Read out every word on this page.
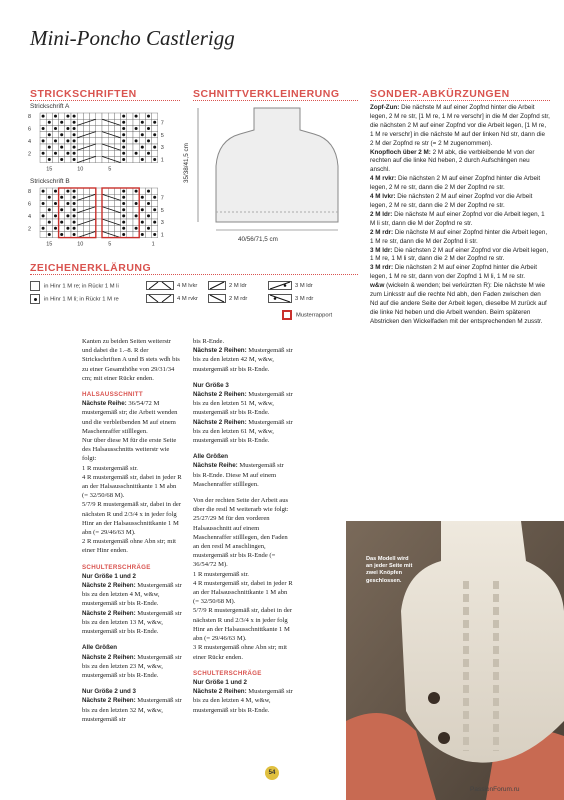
Mini-Poncho Castlerigg
STRICKSCHRIFTEN
Strickschrift A
8
6
4
2
7
5
3
1
15	10	5
Strickschrift B
8
6
4
2
7
5
3
1
15	10	5	1
SCHNITTVERKLEINERUNG
35/38/41,5 cm
40/56/71,5 cm
ZEICHENERKLÄRUNG
in Hinr 1 M re; in Rückr 1 M li
in Hinr 1 M li; in Rückr 1 M re
4 M lvkr
4 M rvkr
2 M ldr
2 M rdr
3 M ldr
3 M rdr
Musterrapport
SONDER-ABKÜRZUNGEN

Zopf-Zun: Die nächste M auf einer Zopfnd hinter die Arbeit legen, 2 M re str, [1 M re, 1 M re verschr] in die M der Zopfnd str, die nächsten 2 M auf einer Zopfnd vor die Arbeit legen, [1 M re, 1 M re verschr] in die nächste M auf der linken Nd str, dann die 2 M der Zopfnd re str (= 2 M zugenommen).

Knopfloch über 2 M: 2 M abk, die verbleibende M von der rechten auf die linke Nd heben, 2 durch Aufschlingen neu anschl.

4 M rvkr: Die nächsten 2 M auf einer Zopfnd hinter die Arbeit legen, 2 M re str, dann die 2 M der Zopfnd re str.

4 M lvkr: Die nächsten 2 M auf einer Zopfnd vor die Arbeit legen, 2 M re str, dann die 2 M der Zopfnd re str.

2 M ldr: Die nächste M auf einer Zopfnd vor die Arbeit legen, 1 M li str, dann die M der Zopfnd re str.

2 M rdr: Die nächste M auf einer Zopfnd hinter die Arbeit legen, 1 M re str, dann die M der Zopfnd li str.

3 M ldr: Die nächsten 2 M auf einer Zopfnd vor die Arbeit legen, 1 M re, 1 M li str, dann die 2 M der Zopfnd re str.

3 M rdr: Die nächsten 2 M auf einer Zopfnd hinter die Arbeit legen, 1 M re str, dann von der Zopfnd 1 M li, 1 M re str.

w&w (wickeln & wenden; bei verkürzten R): Die nächste M wie zum Linksstr auf die rechte Nd abh, den Faden zwischen den Nd auf die andere Seite der Arbeit legen, dieselbe M zurück auf die linke Nd heben und die Arbeit wenden. Beim späteren Abstricken den Wickelfaden mit der entsprechenden M zusstr.

Kanten zu beiden Seiten weiterstr und dabei die 1.–8. R der Strickschriften A und B stets wdh bis zu einer Gesamthöhe von 29/31/34 cm; mit einer Rückr enden.

HALSAUSSCHNITT

Nächste Reihe: 36/54/72 M mustergemäß str; die Arbeit wenden und die verbleibenden M auf einem Maschenraffer stilllegen.

Nur über diese M für die erste Seite des Halsausschnitts weiterstr wie folgt:

1 R mustergemäß str.

4 R mustergemäß str, dabei in jeder R an der Halsausschnittkante 1 M abn (= 32/50/68 M).

5/7/9 R mustergemäß str, dabei in der nächsten R und 2/3/4 x in jeder folg Hinr an der Halsausschnittkante 1 M abn (= 29/46/63 M).

2 R mustergemäß ohne Abn str; mit einer Hinr enden.

SCHULTERSCHRÄGE

Nur Größe 1 und 2

Nächste 2 Reihen: Mustergemäß str bis zu den letzten 4 M, w&w, mustergemäß str bis R-Ende.

Nächste 2 Reihen: Mustergemäß str bis zu den letzten 13 M, w&w, mustergemäß str bis R-Ende.

Alle Größen

Nächste 2 Reihen: Mustergemäß str bis zu den letzten 23 M, w&w, mustergemäß str bis R-Ende.

Nur Größe 2 und 3

Nächste 2 Reihen: Mustergemäß str bis zu den letzten 32 M, w&w, mustergemäß str

bis R-Ende.

Nächste 2 Reihen: Mustergemäß str bis zu den letzten 42 M, w&w, mustergemäß str bis R-Ende.

Nur Größe 3

Nächste 2 Reihen: Mustergemäß str bis zu den letzten 51 M, w&w, mustergemäß str bis R-Ende.

Nächste 2 Reihen: Mustergemäß str bis zu den letzten 61 M, w&w, mustergemäß str bis R-Ende.

Alle Größen

Nächste Reihe: Mustergemäß str bis R-Ende. Diese M auf einem Maschenraffer stilllegen.

Von der rechten Seite der Arbeit aus über die restl M weiterarb wie folgt: 25/27/29 M für den vorderen Halsausschnitt auf einem Maschenraffer stilllegen, den Faden an den restl M anschlingen, mustergemäß str bis R-Ende (= 36/54/72 M).

1 R mustergemäß str.

4 R mustergemäß str, dabei in jeder R an der Halsausschnittkante 1 M abn (= 32/50/68 M).

5/7/9 R mustergemäß str, dabei in der nächsten R und 2/3/4 x in jeder folg Hinr an der Halsausschnittkante 1 M abn (= 29/46/63 M).

3 R mustergemäß ohne Abn str; mit einer Rückr enden.

SCHULTERSCHRÄGE

Nur Größe 1 und 2

Nächste 2 Reihen: Mustergemäß str bis zu den letzten 4 M, w&w, mustergemäß str bis R-Ende.

Das Modell wird an jeder Seite mit zwei Knöpfen geschlossen.
54
PassionForum.ru
